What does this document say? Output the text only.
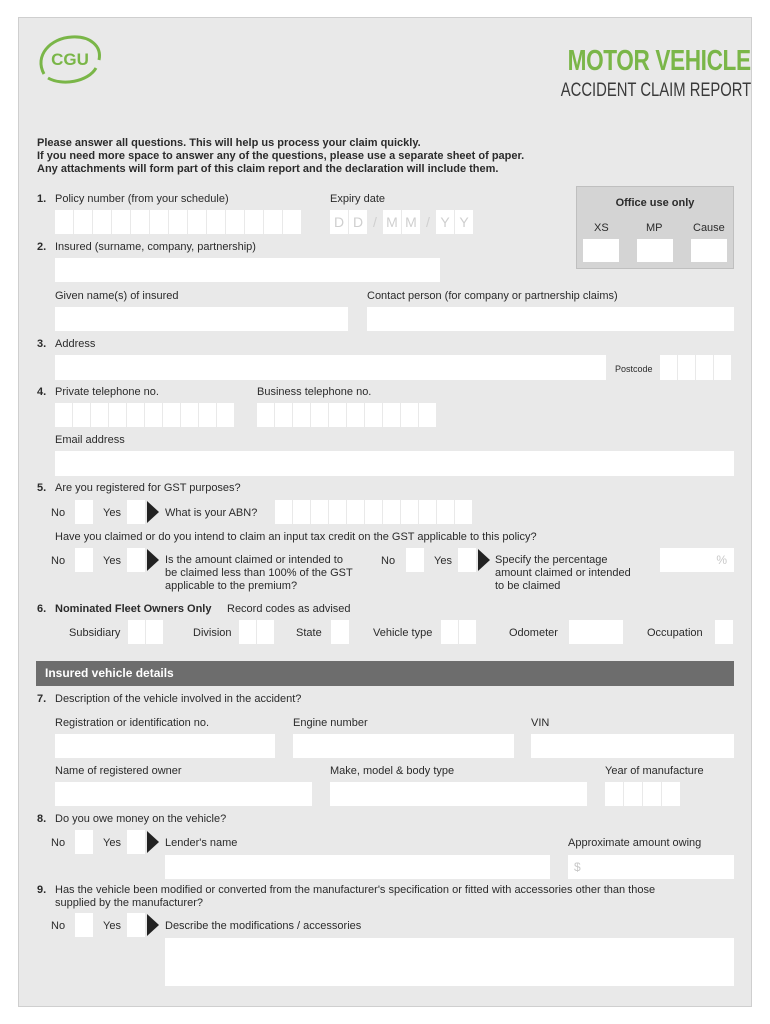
CGU	MOTOR VEHICLE
ACCIDENT CLAIM REPORT
Please answer all questions. This will help us process your claim quickly.
If you need more space to answer any of the questions, please use a separate sheet of paper.
Any attachments will form part of this claim report and the declaration will include them.
1. Policy number (from your schedule)	Expiry date
D D / M M / Y Y
Office use only
XS	MP	Cause
2. Insured (surname, company, partnership)
Given name(s) of insured	Contact person (for company or partnership claims)
3. Address
Postcode
4. Private telephone no.	Business telephone no.
Email address
5. Are you registered for GST purposes?
No	Yes	What is your ABN?
Have you claimed or do you intend to claim an input tax credit on the GST applicable to this policy?
No	Yes	Is the amount claimed or intended to
be claimed less than 100% of the GST
applicable to the premium?
No	Yes	Specify the percentage
amount claimed or intended
to be claimed
%
6. Nominated Fleet Owners Only Record codes as advised
Subsidiary	Division	State	Vehicle type	Odometer	Occupation
Insured vehicle details
7. Description of the vehicle involved in the accident?
Registration or identification no.	Engine number	VIN
Name of registered owner	Make, model & body type	Year of manufacture
8. Do you owe money on the vehicle?
No	Yes	Lender's name	Approximate amount owing
$
9. Has the vehicle been modified or converted from the manufacturer's specification or fitted with accessories other than those
supplied by the manufacturer?
No	Yes	Describe the modifications / accessories
